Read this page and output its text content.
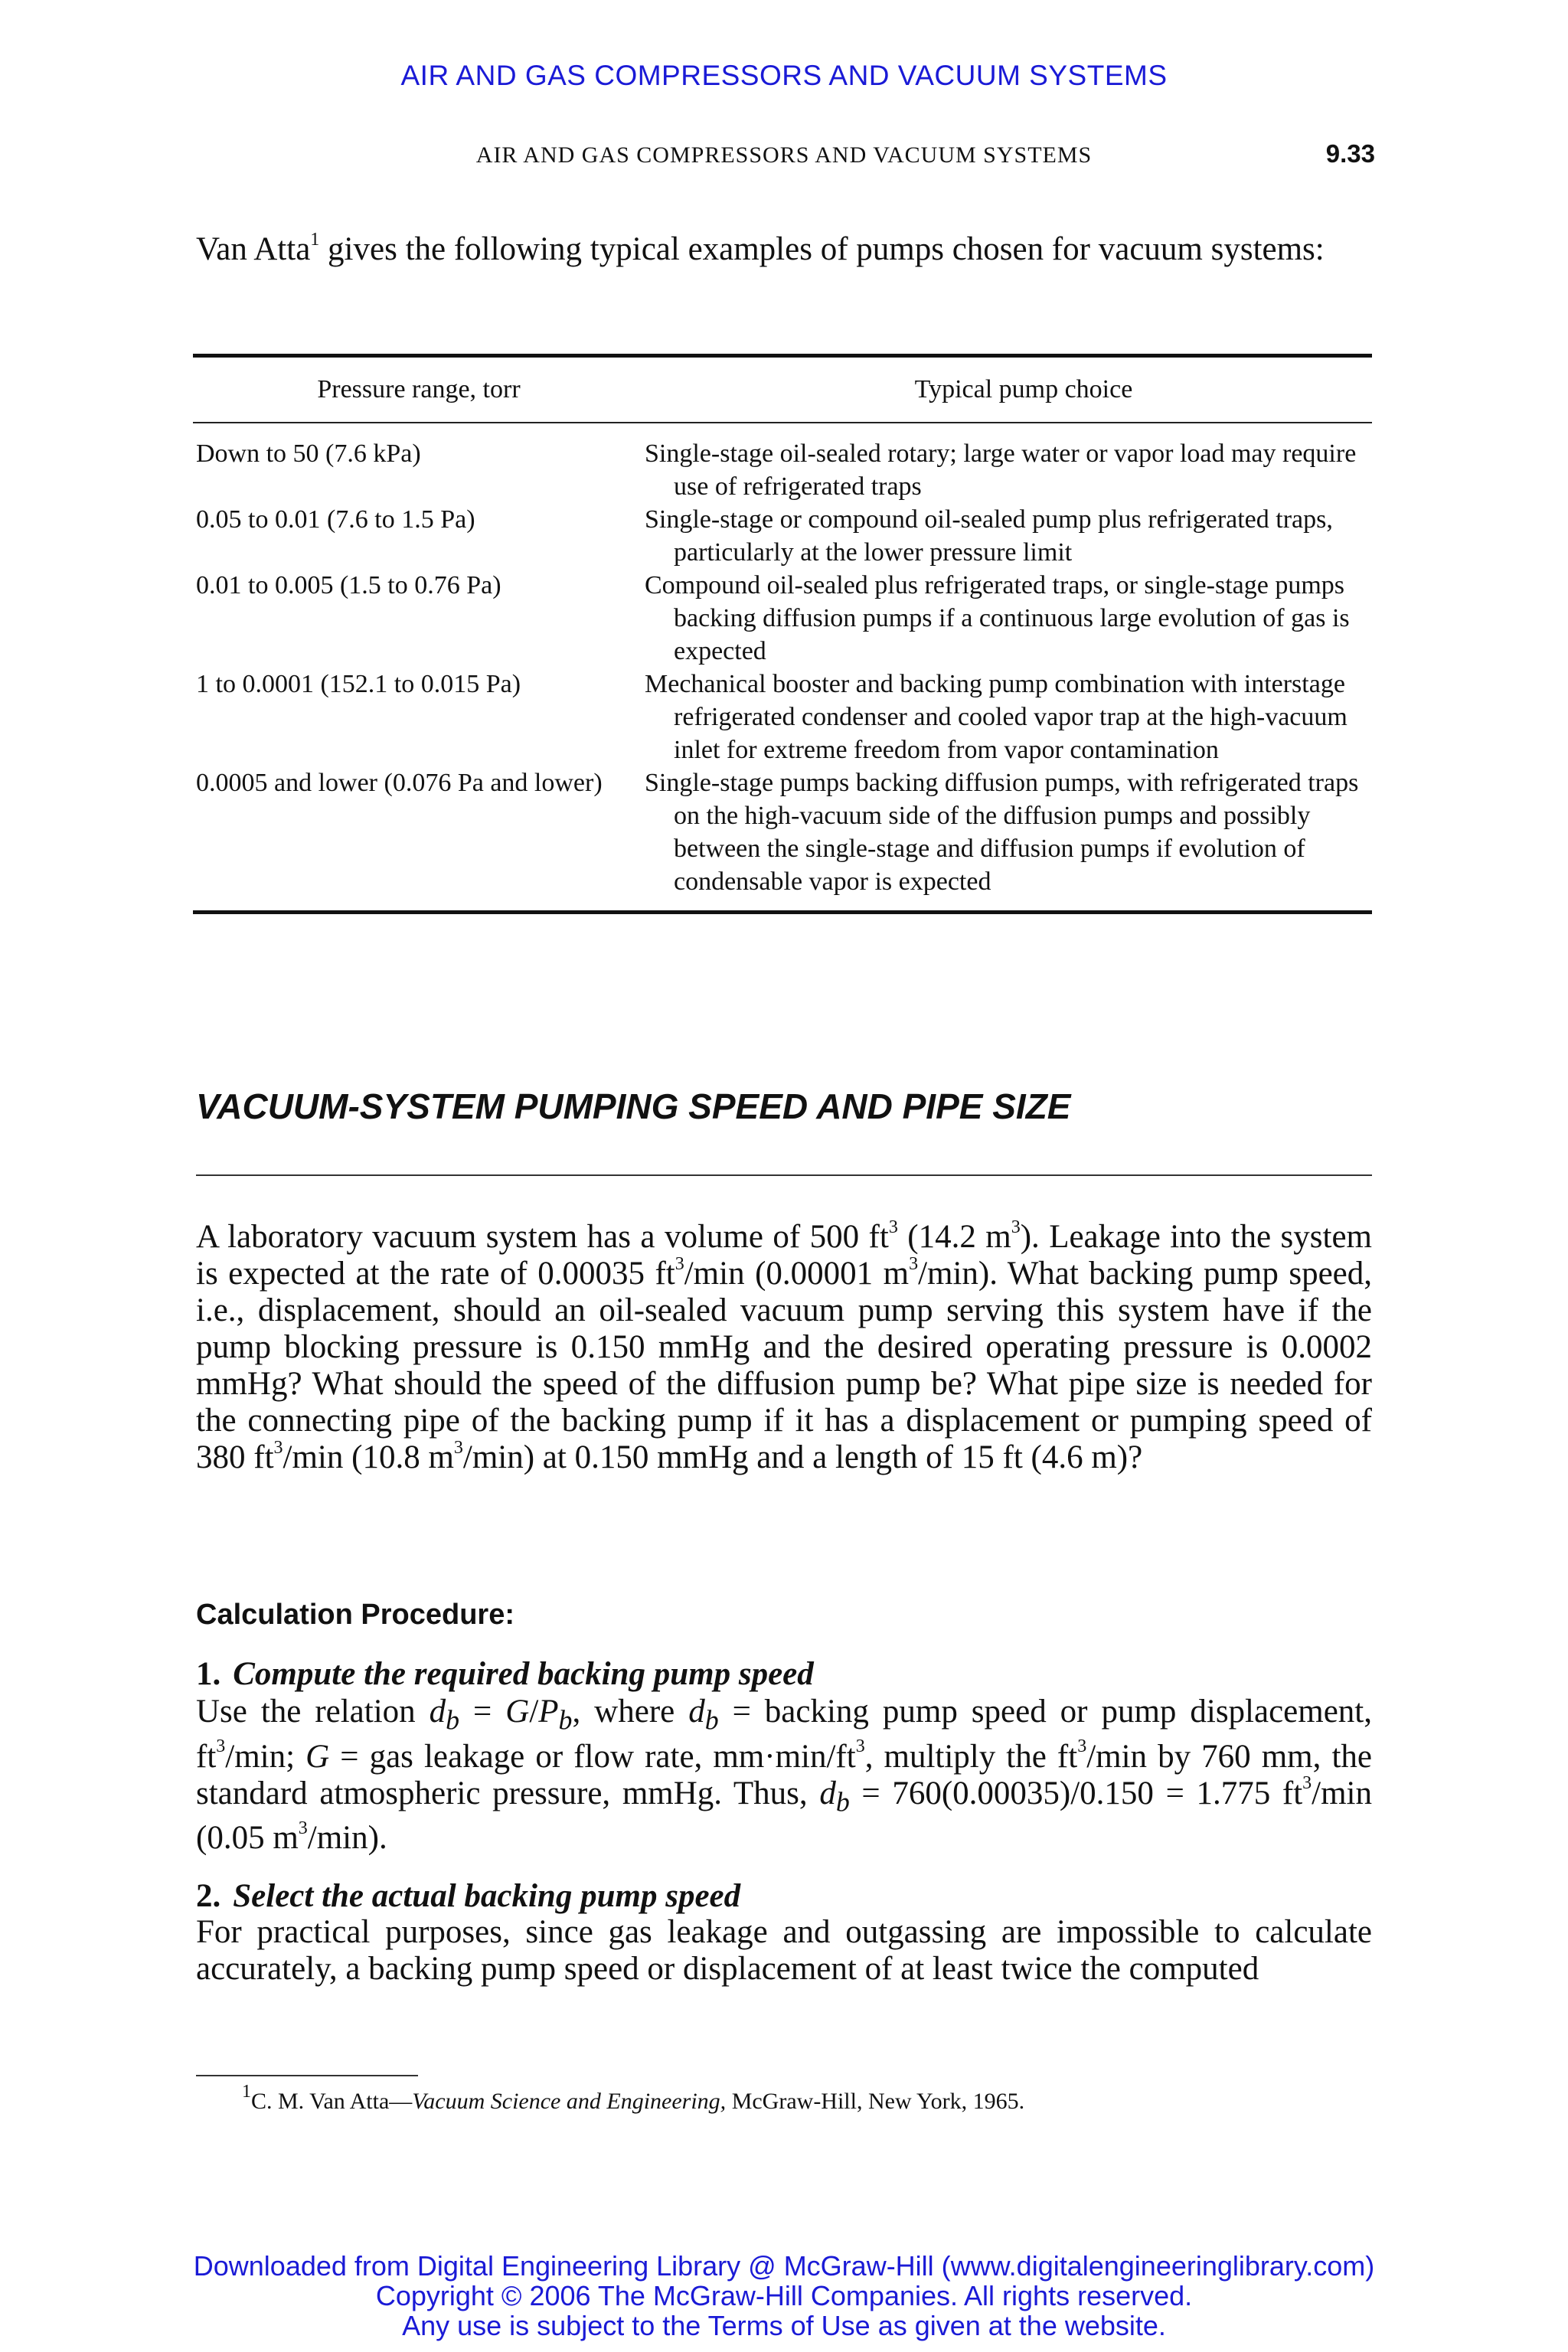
AIR AND GAS COMPRESSORS AND VACUUM SYSTEMS
AIR AND GAS COMPRESSORS AND VACUUM SYSTEMS	9.33
Van Atta$^1$ gives the following typical examples of pumps chosen for vacuum systems:
Pressure range, torr	Typical pump choice
Down to 50 (7.6 kPa)	Single-stage oil-sealed rotary; large water or vapor load may require use of refrigerated traps
0.05 to 0.01 (7.6 to 1.5 Pa)	Single-stage or compound oil-sealed pump plus refrigerated traps, particularly at the lower pressure limit
0.01 to 0.005 (1.5 to 0.76 Pa)	Compound oil-sealed plus refrigerated traps, or single-stage pumps backing diffusion pumps if a continuous large evolution of gas is expected
1 to 0.0001 (152.1 to 0.015 Pa)	Mechanical booster and backing pump combination with interstage refrigerated condenser and cooled vapor trap at the high-vacuum inlet for extreme freedom from vapor contamination
0.0005 and lower (0.076 Pa and lower)	Single-stage pumps backing diffusion pumps, with refrigerated traps on the high-vacuum side of the diffusion pumps and possibly between the single-stage and diffusion pumps if evolution of condensable vapor is expected
VACUUM-SYSTEM PUMPING SPEED AND PIPE SIZE
A laboratory vacuum system has a volume of 500 $ft^3$ (14.2 $m^3$). Leakage into the system is expected at the rate of 0.00035 $ft^3/\min$ (0.00001 $m^3/\min$). What backing pump speed, i.e., displacement, should an oil-sealed vacuum pump serving this system have if the pump blocking pressure is 0.150 mmHg and the desired operating pressure is 0.0002 mmHg? What should the speed of the diffusion pump be? What pipe size is needed for the connecting pipe of the backing pump if it has a displacement or pumping speed of 380 $ft^3/\min$ (10.8 $m^3/\min$) at 0.150 mmHg and a length of 15 ft (4.6 m)?
Calculation Procedure:
1. Compute the required backing pump speed
Use the relation $d_b = G/P_b$, where $d_b$ = backing pump speed or pump displacement, $ft^3/\min$; G = gas leakage or flow rate, $mm\cdot\min/ft^3$, multiply the $ft^3/\min$ by 760 mm, the standard atmospheric pressure, mmHg. Thus, $d_b = 760(0.00035)/0.150 = 1.775$ $ft^3/\min$ (0.05 $m^3/\min$).
2. Select the actual backing pump speed
For practical purposes, since gas leakage and outgassing are impossible to calculate accurately, a backing pump speed or displacement of at least twice the computed
$^1$C. M. Van Atta—Vacuum Science and Engineering, McGraw-Hill, New York, 1965.
Downloaded from Digital Engineering Library @ McGraw-Hill (www.digitalengineeringlibrary.com)
Copyright © 2006 The McGraw-Hill Companies. All rights reserved.
Any use is subject to the Terms of Use as given at the website.
